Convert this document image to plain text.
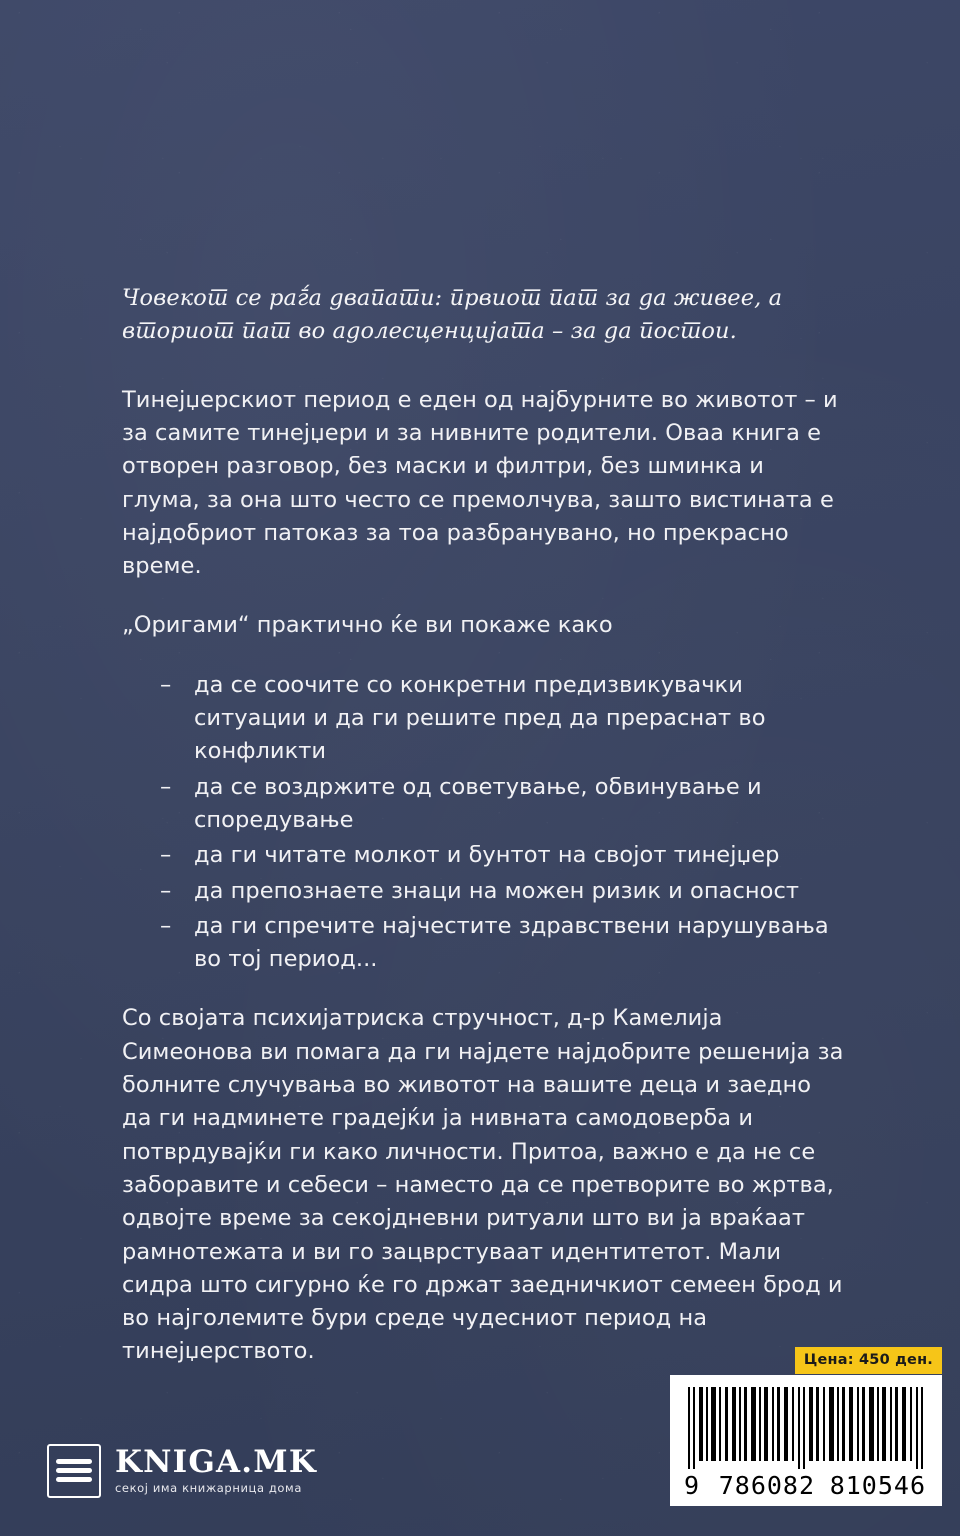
Човекот се раѓа двапати: првиот пат за да живее, а вториот пат во адолесценцијата – за да постои.

Тинејџерскиот период е еден од најбурните во животот – и за самите тинејџери и за нивните родители. Оваа книга е отворен разговор, без маски и филтри, без шминка и глума, за она што често се премолчува, зашто вистината е најдобриот патоказ за тоа разбранувано, но прекрасно време.

„Оригами“ практично ќе ви покаже како

– да се соочите со конкретни предизвикувачки ситуации и да ги решите пред да прераснат во конфликти
– да се воздржите од советување, обвинување и споредување
– да ги читате молкот и бунтот на својот тинејџер
– да препознаете знаци на можен ризик и опасност
– да ги спречите најчестите здравствени нарушувања во тој период...

Со својата психијатриска стручност, д-р Камелија Симеонова ви помага да ги најдете најдобрите решенија за болните случувања во животот на вашите деца и заедно да ги надминете градејќи ја нивната самодоверба и потврдувајќи ги како личности. Притоа, важно е да не се заборавите и себеси – наместо да се претворите во жртва, одвојте време за секојдневни ритуали што ви ја враќаат рамнотежата и ви го зацврстуваат идентитетот. Мали сидра што сигурно ќе го држат заедничкиот семеен брод и во најголемите бури среде чудесниот период на тинејџерството.

KNIGA.MK
секој има книжарница дома
Цена: 450 ден.
9 786082 810546
